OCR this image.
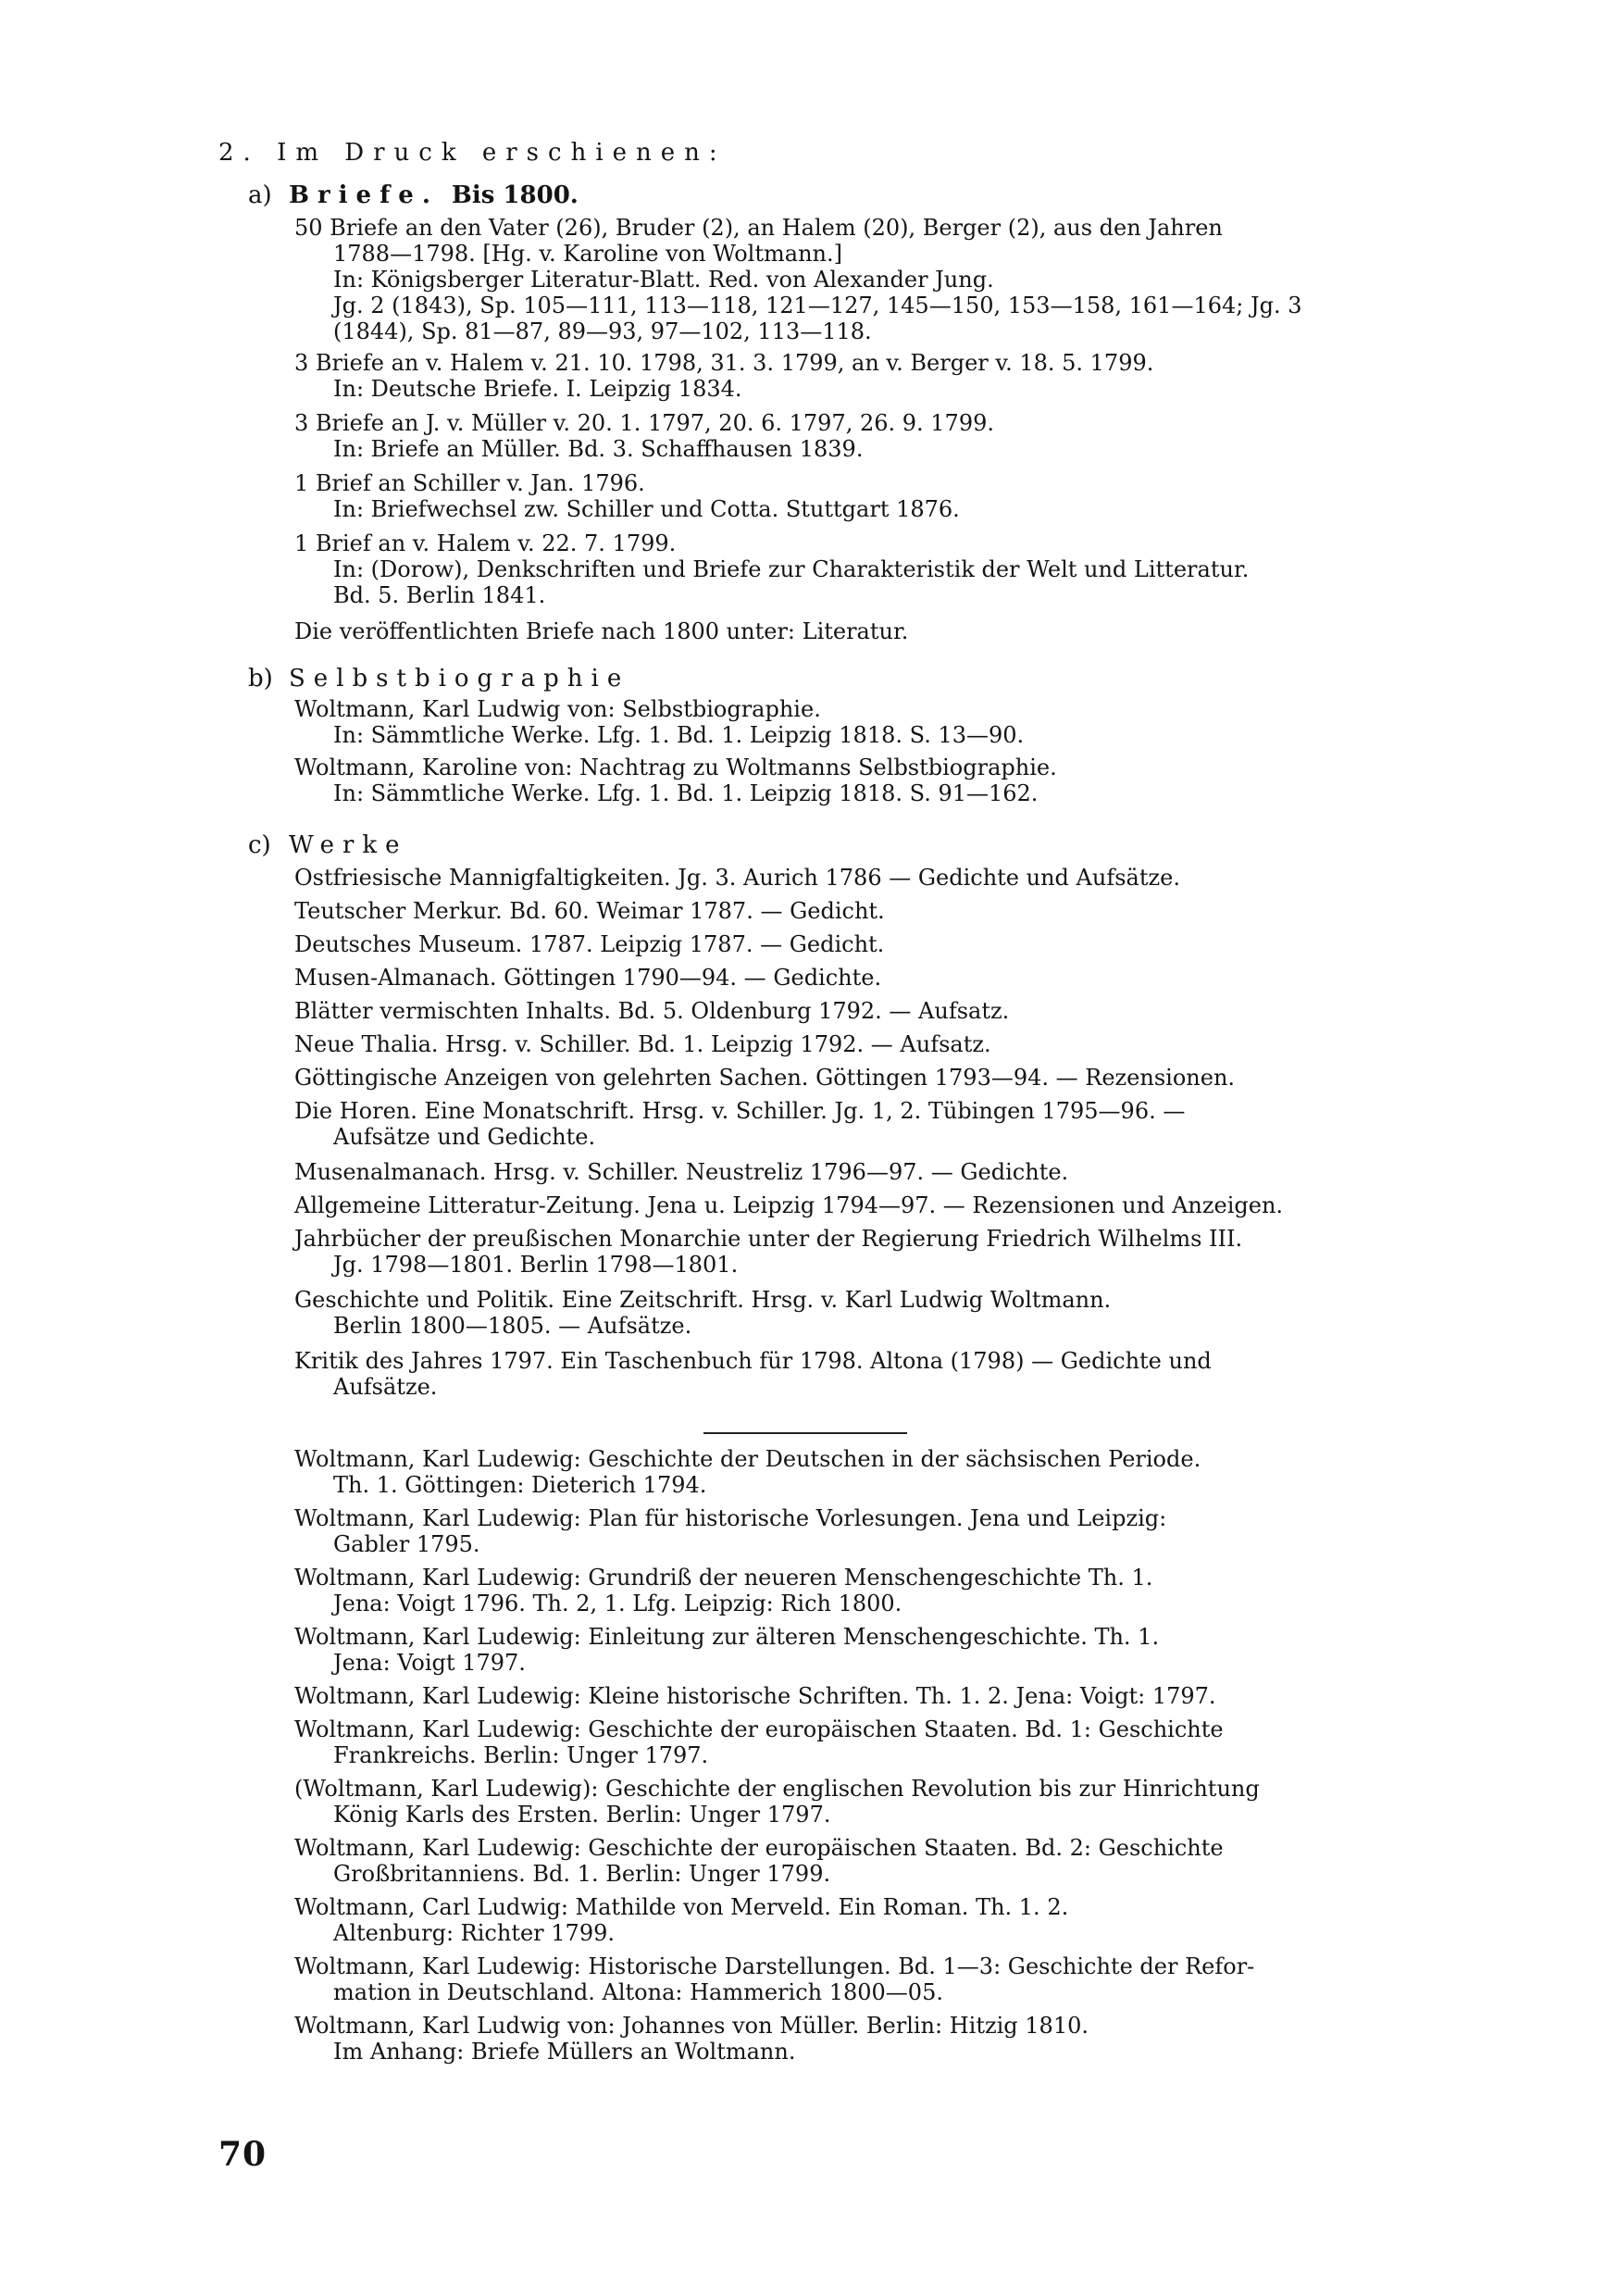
2. Im Druck erschienen:
a) Briefe. Bis 1800.
50 Briefe an den Vater (26), Bruder (2), an Halem (20), Berger (2), aus den Jahren
1788—1798. [Hg. v. Karoline von Woltmann.]
In: Königsberger Literatur-Blatt. Red. von Alexander Jung.
Jg. 2 (1843), Sp. 105—111, 113—118, 121—127, 145—150, 153—158, 161—164; Jg. 3
(1844), Sp. 81—87, 89—93, 97—102, 113—118.
3 Briefe an v. Halem v. 21. 10. 1798, 31. 3. 1799, an v. Berger v. 18. 5. 1799.
In: Deutsche Briefe. I. Leipzig 1834.
3 Briefe an J. v. Müller v. 20. 1. 1797, 20. 6. 1797, 26. 9. 1799.
In: Briefe an Müller. Bd. 3. Schaffhausen 1839.
1 Brief an Schiller v. Jan. 1796.
In: Briefwechsel zw. Schiller und Cotta. Stuttgart 1876.
1 Brief an v. Halem v. 22. 7. 1799.
In: (Dorow), Denkschriften und Briefe zur Charakteristik der Welt und Litteratur.
Bd. 5. Berlin 1841.
Die veröffentlichten Briefe nach 1800 unter: Literatur.
b) Selbstbiographie
Woltmann, Karl Ludwig von: Selbstbiographie.
In: Sämmtliche Werke. Lfg. 1. Bd. 1. Leipzig 1818. S. 13—90.
Woltmann, Karoline von: Nachtrag zu Woltmanns Selbstbiographie.
In: Sämmtliche Werke. Lfg. 1. Bd. 1. Leipzig 1818. S. 91—162.
c) Werke
Ostfriesische Mannigfaltigkeiten. Jg. 3. Aurich 1786 — Gedichte und Aufsätze.
Teutscher Merkur. Bd. 60. Weimar 1787. — Gedicht.
Deutsches Museum. 1787. Leipzig 1787. — Gedicht.
Musen-Almanach. Göttingen 1790—94. — Gedichte.
Blätter vermischten Inhalts. Bd. 5. Oldenburg 1792. — Aufsatz.
Neue Thalia. Hrsg. v. Schiller. Bd. 1. Leipzig 1792. — Aufsatz.
Göttingische Anzeigen von gelehrten Sachen. Göttingen 1793—94. — Rezensionen.
Die Horen. Eine Monatschrift. Hrsg. v. Schiller. Jg. 1, 2. Tübingen 1795—96. —
Aufsätze und Gedichte.
Musenalmanach. Hrsg. v. Schiller. Neustreliz 1796—97. — Gedichte.
Allgemeine Litteratur-Zeitung. Jena u. Leipzig 1794—97. — Rezensionen und Anzeigen.
Jahrbücher der preußischen Monarchie unter der Regierung Friedrich Wilhelms III.
Jg. 1798—1801. Berlin 1798—1801.
Geschichte und Politik. Eine Zeitschrift. Hrsg. v. Karl Ludwig Woltmann.
Berlin 1800—1805. — Aufsätze.
Kritik des Jahres 1797. Ein Taschenbuch für 1798. Altona (1798) — Gedichte und
Aufsätze.
Woltmann, Karl Ludewig: Geschichte der Deutschen in der sächsischen Periode.
Th. 1. Göttingen: Dieterich 1794.
Woltmann, Karl Ludewig: Plan für historische Vorlesungen. Jena und Leipzig:
Gabler 1795.
Woltmann, Karl Ludewig: Grundriß der neueren Menschengeschichte Th. 1.
Jena: Voigt 1796. Th. 2, 1. Lfg. Leipzig: Rich 1800.
Woltmann, Karl Ludewig: Einleitung zur älteren Menschengeschichte. Th. 1.
Jena: Voigt 1797.
Woltmann, Karl Ludewig: Kleine historische Schriften. Th. 1. 2. Jena: Voigt: 1797.
Woltmann, Karl Ludewig: Geschichte der europäischen Staaten. Bd. 1: Geschichte
Frankreichs. Berlin: Unger 1797.
(Woltmann, Karl Ludewig): Geschichte der englischen Revolution bis zur Hinrichtung
König Karls des Ersten. Berlin: Unger 1797.
Woltmann, Karl Ludewig: Geschichte der europäischen Staaten. Bd. 2: Geschichte
Großbritanniens. Bd. 1. Berlin: Unger 1799.
Woltmann, Carl Ludwig: Mathilde von Merveld. Ein Roman. Th. 1. 2.
Altenburg: Richter 1799.
Woltmann, Karl Ludewig: Historische Darstellungen. Bd. 1—3: Geschichte der Refor-
mation in Deutschland. Altona: Hammerich 1800—05.
Woltmann, Karl Ludwig von: Johannes von Müller. Berlin: Hitzig 1810.
Im Anhang: Briefe Müllers an Woltmann.
70
